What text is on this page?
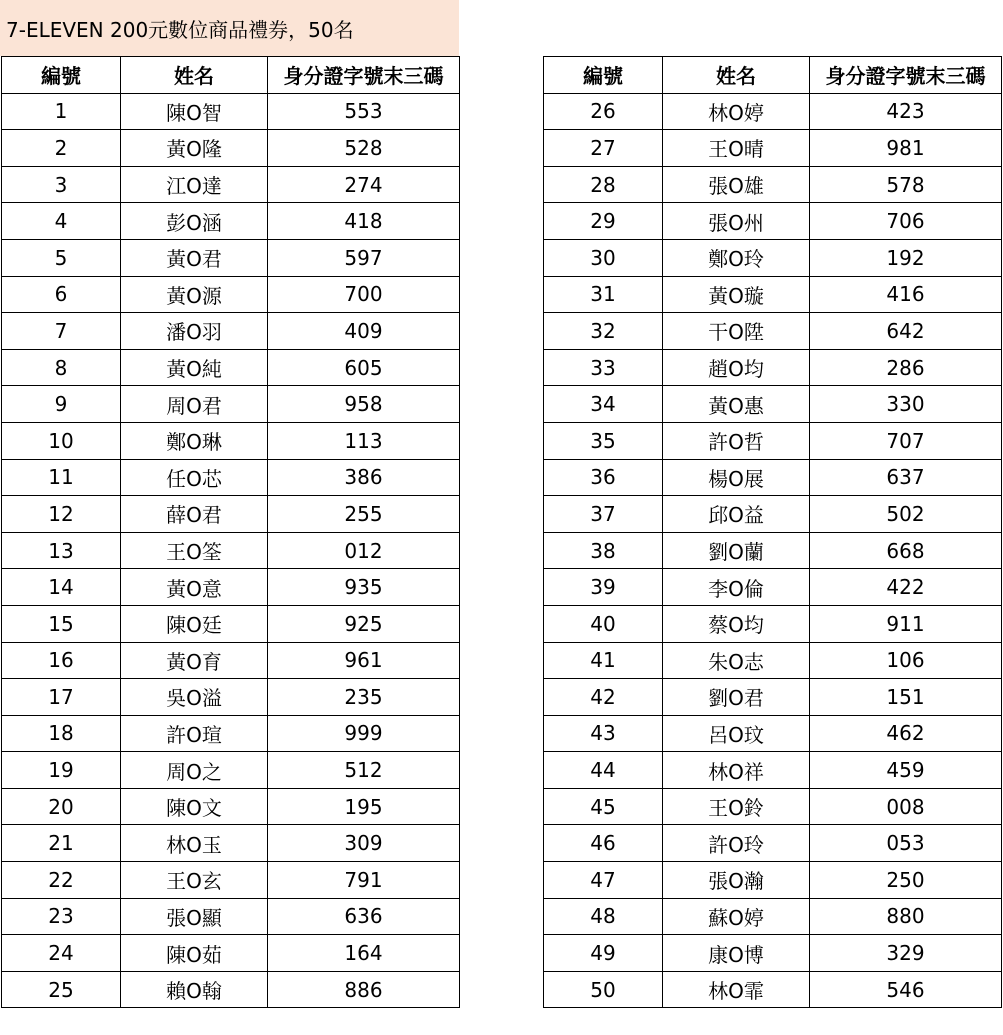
7-ELEVEN 200元數位商品禮券，50名
編號	姓名	身分證字號末三碼
1	陳O智	553
2	黃O隆	528
3	江O達	274
4	彭O涵	418
5	黃O君	597
6	黃O源	700
7	潘O羽	409
8	黃O純	605
9	周O君	958
10	鄭O琳	113
11	任O芯	386
12	薛O君	255
13	王O筌	012
14	黃O意	935
15	陳O廷	925
16	黃O育	961
17	吳O溢	235
18	許O瑄	999
19	周O之	512
20	陳O文	195
21	林O玉	309
22	王O玄	791
23	張O顯	636
24	陳O茹	164
25	賴O翰	886
編號	姓名	身分證字號末三碼
26	林O婷	423
27	王O晴	981
28	張O雄	578
29	張O州	706
30	鄭O玲	192
31	黃O璇	416
32	干O陞	642
33	趙O均	286
34	黃O惠	330
35	許O哲	707
36	楊O展	637
37	邱O益	502
38	劉O蘭	668
39	李O倫	422
40	蔡O均	911
41	朱O志	106
42	劉O君	151
43	呂O玟	462
44	林O祥	459
45	王O鈴	008
46	許O玲	053
47	張O瀚	250
48	蘇O婷	880
49	康O博	329
50	林O霏	546
